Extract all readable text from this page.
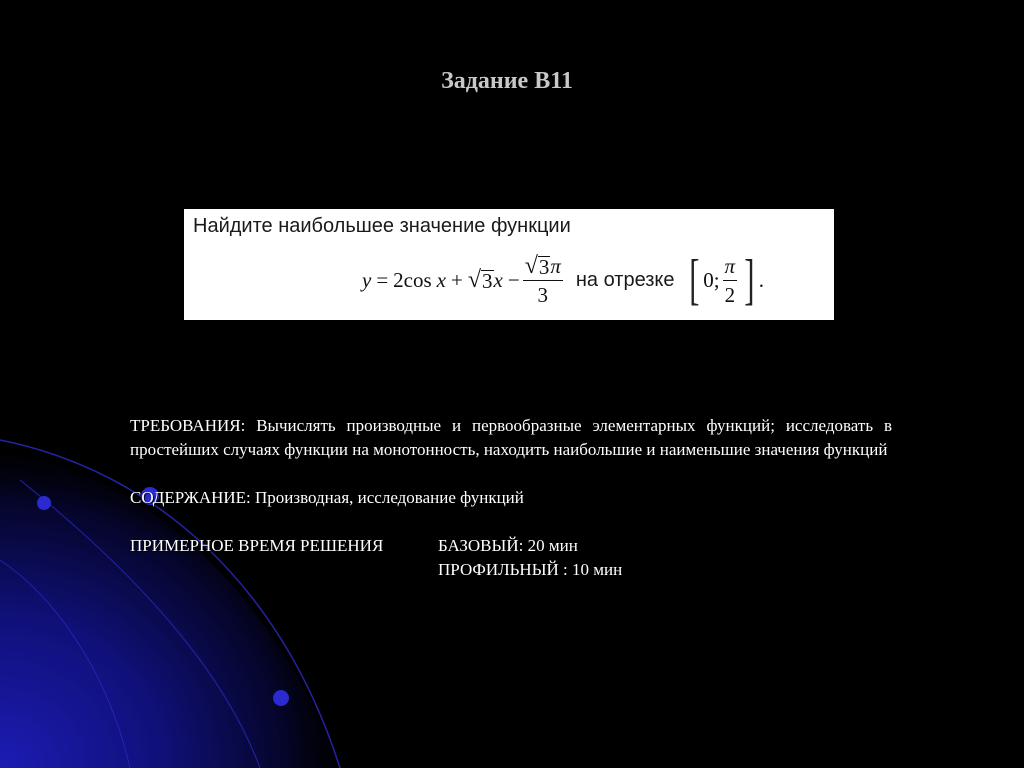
Задание В11
Найдите наибольшее значение функции
y = 2 cos x + √ 3 $x - \frac{√ 3 \pi}{3}$ на отрезке [ 0; $\frac{\pi}{2}$ ] .

ТРЕБОВАНИЯ: Вычислять производные и первообразные элементарных функций; исследовать в простейших случаях функции на монотонность, находить наибольшие и наименьшие значения функций

СОДЕРЖАНИЕ: Производная, исследование функций

ПРИМЕРНОЕ ВРЕМЯ РЕШЕНИЯ	БАЗОВЫЙ: 20 мин
ПРОФИЛЬНЫЙ : 10 мин
